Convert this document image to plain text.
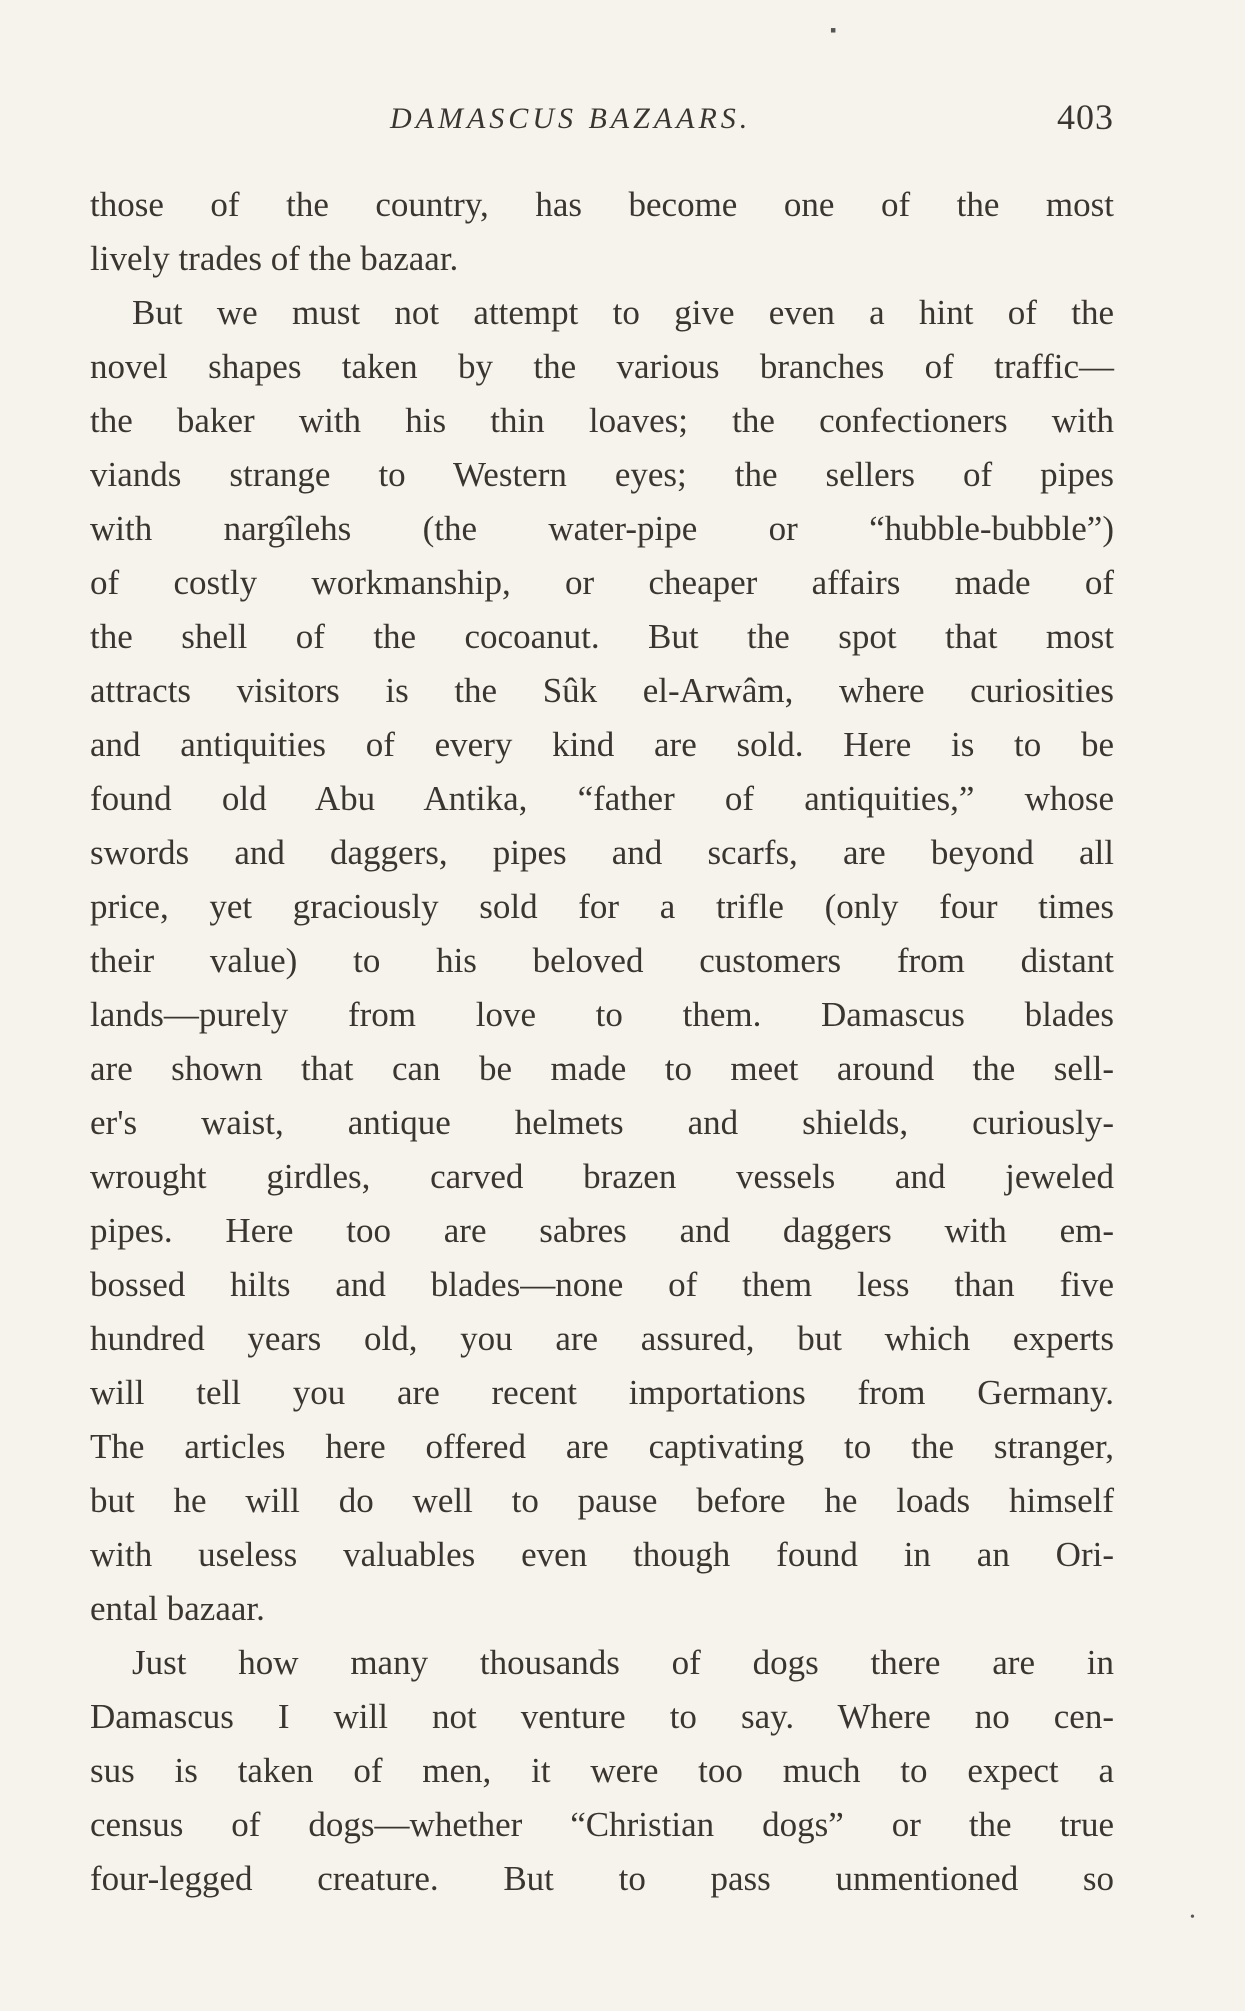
▪
DAMASCUS BAZAARS.	403

those of the country, has become one of the most

lively trades of the bazaar.

But we must not attempt to give even a hint of the

novel shapes taken by the various branches of traffic—

the baker with his thin loaves; the confectioners with

viands strange to Western eyes; the sellers of pipes

with nargîlehs (the water-pipe or “hubble-bubble”)

of costly workmanship, or cheaper affairs made of

the shell of the cocoanut. But the spot that most

attracts visitors is the Sûk el-Arwâm, where curiosities

and antiquities of every kind are sold. Here is to be

found old Abu Antika, “father of antiquities,” whose

swords and daggers, pipes and scarfs, are beyond all

price, yet graciously sold for a trifle (only four times

their value) to his beloved customers from distant

lands—purely from love to them. Damascus blades

are shown that can be made to meet around the sell-

er's waist, antique helmets and shields, curiously-

wrought girdles, carved brazen vessels and jeweled

pipes. Here too are sabres and daggers with em-

bossed hilts and blades—none of them less than five

hundred years old, you are assured, but which experts

will tell you are recent importations from Germany.

The articles here offered are captivating to the stranger,

but he will do well to pause before he loads himself

with useless valuables even though found in an Ori-

ental bazaar.

Just how many thousands of dogs there are in

Damascus I will not venture to say. Where no cen-

sus is taken of men, it were too much to expect a

census of dogs—whether “Christian dogs” or the true

four-legged creature. But to pass unmentioned so

•
